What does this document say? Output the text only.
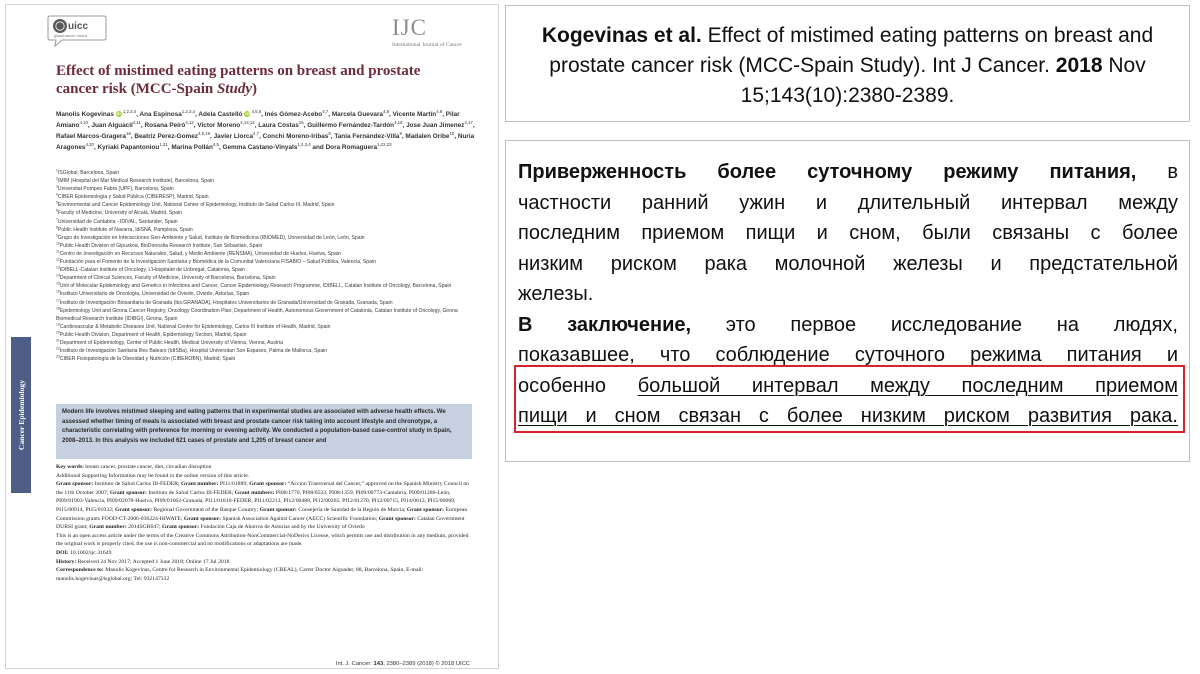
uicc
global cancer control	IJC
International Journal of Cancer
Effect of mistimed eating patterns on breast and prostate cancer risk (MCC-Spain Study)
Manolis Kogevinas iD $^{1,2,3,4}$, Ana Espinosa$^{1,2,3,4}$, Adela Castelló iD $^{4,5,6}$, Inés Gómez-Acebo$^{4,7}$, Marcela Guevara$^{4,8}$, Vicente Martín$^{4,9}$, Pilar Amiano$^{4,10}$, Juan Alguacil$^{4,11}$, Rosana Peiró$^{4,12}$, Victor Moreno$^{4,13,14}$, Laura Costas$^{15}$, Guillermo Fernández-Tardón$^{4,16}$, Jose Juan Jimenez$^{4,17}$, Rafael Marcos-Gragera$^{18}$, Beatriz Perez-Gomez$^{4,5,19}$, Javier Llorca$^{4,7}$, Conchi Moreno-Iribas$^8$, Tania Fernández-Villa$^9$, Madalen Oribe$^{10}$, Nuria Aragones$^{4,20}$, Kyriaki Papantoniou$^{1,21}$, Marina Pollán$^{4,5}$, Gemma Castano-Vinyals$^{1,2,3,4}$ and Dora Romaguera$^{1,22,23}$
$^1$ISGlobal, Barcelona, Spain
$^2$IMIM (Hospital del Mar Medical Research Institute), Barcelona, Spain
$^3$Universitat Pompeu Fabra (UPF), Barcelona, Spain
$^4$CIBER Epidemiología y Salud Pública (CIBERESP), Madrid, Spain
$^5$Environmental and Cancer Epidemiology Unit, National Center of Epidemiology, Instituto de Salud Carlos III, Madrid, Spain
$^6$Faculty of Medicine, University of Alcalá, Madrid, Spain
$^7$Universidad de Cantabria - IDIVAL, Santander, Spain
$^8$Public Health Institute of Navarra, IdiSNA, Pamplona, Spain
$^9$Grupo de Investigación en Interacciones Gen-Ambiente y Salud, Instituto de Biomedicina (IBIOMED), Universidad de León, León, Spain
$^{10}$Public Health Division of Gipuzkoa, BioDonostia Research Institute, San Sebastian, Spain
$^{11}$Centro de Investigación en Recursos Naturales, Salud, y Medio Ambiente (RENSMA), Universidad de Huelva, Huelva, Spain
$^{12}$Fundación para el Fomento de la Investigación Sanitaria y Biomédica de la Comunitat Valenciana FISABIO – Salud Pública, Valencia, Spain
$^{13}$IDIBELL-Catalan Institute of Oncology, L'Hospitalet de Llobregat, Catalonia, Spain
$^{14}$Department of Clinical Sciences, Faculty of Medicine, University of Barcelona, Barcelona, Spain
$^{15}$Unit of Molecular Epidemiology and Genetics in Infections and Cancer, Cancer Epidemiology Research Programme, IDIBELL, Catalan Institute of Oncology, Barcelona, Spain
$^{16}$Instituto Universitario de Oncología, Universidad de Oviedo, Oviedo, Asturias, Spain
$^{17}$Instituto de Investigación Biosanitaria de Granada (ibs.GRANADA), Hospitales Universitarios de Granada/Universidad de Granada, Granada, Spain
$^{18}$Epidemiology Unit and Girona Cancer Registry, Oncology Coordination Plan, Department of Health, Autonomous Government of Catalonia, Catalan Institute of Oncology, Girona Biomedical Research Institute (IDIBGI), Girona, Spain
$^{19}$Cardiovascular & Metabolic Diseases Unit, National Centre for Epidemiology, Carlos III Institute of Health, Madrid, Spain
$^{20}$Public Health Division, Department of Health, Epidemiology Section, Madrid, Spain
$^{21}$Department of Epidemiology, Center of Public Health, Medical University of Vienna, Vienna, Austria
$^{22}$Instituto de Investigación Sanitaria Illes Balears (IdISBa), Hospital Universitari Son Espases, Palma de Mallorca, Spain
$^{23}$CIBER Fisiopatología de la Obesidad y Nutrición (CIBEROBN), Madrid, Spain
Cancer Epidemiology	Modern life involves mistimed sleeping and eating patterns that in experimental studies are associated with adverse health effects. We assessed whether timing of meals is associated with breast and prostate cancer risk taking into account lifestyle and chronotype, a characteristic correlating with preference for morning or evening activity. We conducted a population-based case-control study in Spain, 2008–2013. In this analysis we included 621 cases of prostate and 1,205 of breast cancer and

Key words: breast cancer, prostate cancer, diet, circadian disruption

Additional Supporting Information may be found in the online version of this article.

Grant sponsor: Instituto de Salud Carlos III-FEDER; Grant number: PI11/01889; Grant sponsor: “Accion Transversal del Cancer,” approved on the Spanish Ministry Council on the 11th October 2007; Grant sponsor: Instituto de Salud Carlos III-FEDER; Grant numbers: PI08/1770, PI08/0533, PI08/1359, PI09/00773-Cantabria, PI09/01286-León, PI09/01903-Valencia, PI09/02078-Huelva, PI09/01662-Granada, PI11/01810-FEDER, PI11/02213, PI12/00488, PI12/00265, PI12/01270, PI12/00715, PI14/0613, PI15/00069, PI15/00914, PI15/01032; Grant sponsor: Regional Government of the Basque Country; Grant sponsor: Consejería de Sanidad de la Región de Murcia; Grant sponsor: European Commission grants FOOD-CT-2006-036224-HIWATE; Grant sponsor: Spanish Association Against Cancer (AECC) Scientific Foundation; Grant sponsor: Catalan Government DURSI grant; Grant number: 2014SGR647; Grant sponsor: Fundación Caja de Ahorros de Asturias and by the University of Oviedo

This is an open access article under the terms of the Creative Commons Attribution-NonCommercial-NoDerivs License, which permits use and distribution in any medium, provided the original work is properly cited, the use is non-commercial and no modifications or adaptations are made.

DOI: 10.1002/ijc.31649

History: Received 24 Nov 2017; Accepted 1 June 2018; Online 17 Jul 2018

Correspondence to: Manolis Kogevinas, Centre for Research in Environmental Epidemiology (CREAL), Carrer Doctor Aiguader, 88, Barcelona, Spain, E-mail: manolis.kogevinas@isglobal.org; Tel: 932147332

Int. J. Cancer: 143, 2380–2389 (2018) © 2018 UICC
Kogevinas et al. Effect of mistimed eating patterns on breast and prostate cancer risk (MCC-Spain Study). Int J Cancer. 2018 Nov 15;143(10):2380-2389.
Приверженность более суточному режиму питания, в
частности ранний ужин и длительный интервал между
последним приемом пищи и сном, были связаны с более
низким риском рака молочной железы и предстательной
железы.
В заключение, это первое исследование на людях,
показавшее, что соблюдение суточного режима питания и
особенно большой интервал между последним приемом
пищи и сном связан с более низким риском развития рака.
